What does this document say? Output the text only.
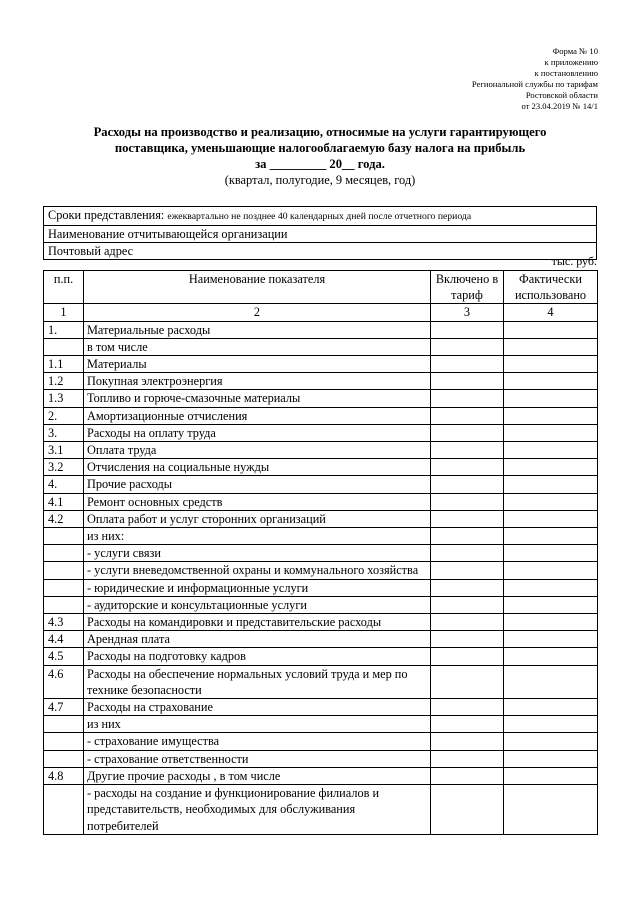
Форма № 10
к приложению
к постановлению
Региональной службы по тарифам
Ростовской области
от 23.04.2019 № 14/1
Расходы на производство и реализацию, относимые на услуги гарантирующего
поставщика, уменьшающие налогооблагаемую базу налога на прибыль
за _________ 20__ года.
(квартал, полугодие, 9 месяцев, год)
Сроки представления: ежеквартально не позднее 40 календарных дней после отчетного периода
Наименование отчитывающейся организации
Почтовый адрес
тыс. руб.
п.п.	Наименование показателя	Включено в тариф	Фактически использовано
1	2	3	4
1.	Материальные расходы		
	в том числе		
1.1	Материалы		
1.2	Покупная электроэнергия		
1.3	Топливо и горюче-смазочные материалы		
2.	Амортизационные отчисления		
3.	Расходы на оплату труда		
3.1	Оплата труда		
3.2	Отчисления на социальные нужды		
4.	Прочие расходы		
4.1	Ремонт основных средств		
4.2	Оплата работ и услуг сторонних организаций		
	из них:		
	- услуги связи		
	- услуги вневедомственной охраны и коммунального хозяйства		
	- юридические и информационные услуги		
	- аудиторские и консультационные услуги		
4.3	Расходы на командировки и представительские расходы		
4.4	Арендная плата		
4.5	Расходы на подготовку кадров		
4.6	Расходы на обеспечение нормальных условий труда и мер по технике безопасности		
4.7	Расходы на страхование		
	из них		
	- страхование имущества		
	- страхование ответственности		
4.8	Другие прочие расходы , в том числе		
	- расходы на создание и функционирование филиалов и представительств, необходимых для обслуживания потребителей		
